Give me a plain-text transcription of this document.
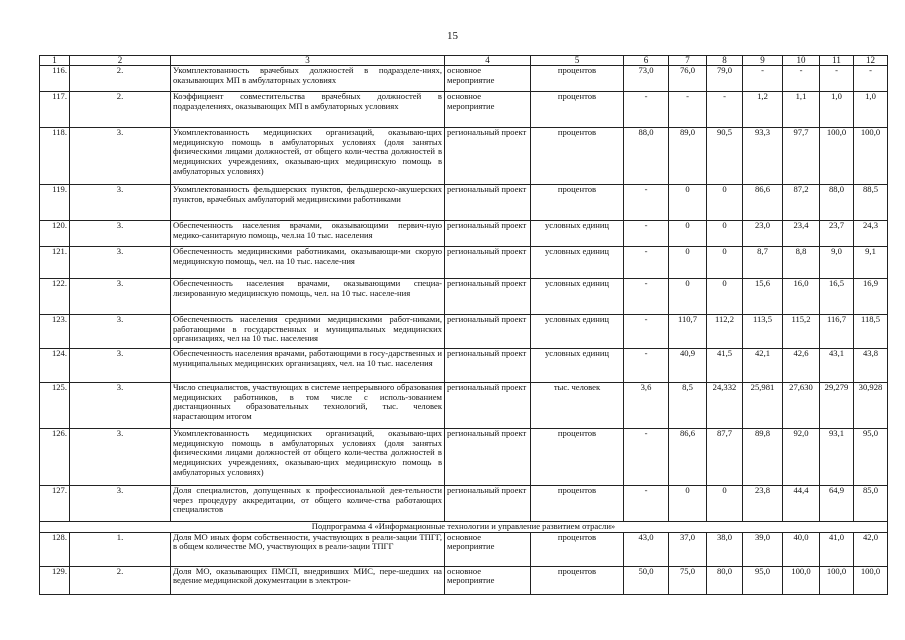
15
1	2	3	4	5	6	7	8	9	10	11	12
116.	2.	Укомплектованность врачебных должностей в подразделе-ниях, оказывающих МП в амбулаторных условиях	основное мероприятие	процентов	73,0	76,0	79,0	-	-	-	-
117.	2.	Коэффициент совместительства врачебных должностей в подразделениях, оказывающих МП в амбулаторных условиях	основное мероприятие	процентов	-	-	-	1,2	1,1	1,0	1,0
118.	3.	Укомплектованность медицинских организаций, оказываю-щих медицинскую помощь в амбулаторных условиях (доля занятых физическими лицами должностей, от общего коли-чества должностей в медицинских учреждениях, оказываю-щих медицинскую помощь в амбулаторных условиях)	региональный проект	процентов	88,0	89,0	90,5	93,3	97,7	100,0	100,0
119.	3.	Укомплектованность фельдшерских пунктов, фельдшерско-акушерских пунктов, врачебных амбулаторий медицинскими работниками	региональный проект	процентов	-	0	0	86,6	87,2	88,0	88,5
120.	3.	Обеспеченность населения врачами, оказывающими первич-ную медико-санитарную помощь, чел.на 10 тыс. населения	региональный проект	условных единиц	-	0	0	23,0	23,4	23,7	24,3
121.	3.	Обеспеченность медицинскими работниками, оказывающи-ми скорую медицинскую помощь, чел. на 10 тыс. населе-ния	региональный проект	условных единиц	-	0	0	8,7	8,8	9,0	9,1
122.	3.	Обеспеченность населения врачами, оказывающими специа-лизированную медицинскую помощь, чел. на 10 тыс. населе-ния	региональный проект	условных единиц	-	0	0	15,6	16,0	16,5	16,9
123.	3.	Обеспеченность населения средними медицинскими работ-никами, работающими в государственных и муниципальных медицинских организациях, чел на 10 тыс. населения	региональный проект	условных единиц	-	110,7	112,2	113,5	115,2	116,7	118,5
124.	3.	Обеспеченность населения врачами, работающими в госу-дарственных и муниципальных медицинских организациях, чел. на 10 тыс. населения	региональный проект	условных единиц	-	40,9	41,5	42,1	42,6	43,1	43,8
125.	3.	Число специалистов, участвующих в системе непрерывного образования медицинских работников, в том числе с исполь-зованием дистанционных образовательных технологий, тыс. человек нарастающим итогом	региональный проект	тыс. человек	3,6	8,5	24,332	25,981	27,630	29,279	30,928
126.	3.	Укомплектованность медицинских организаций, оказываю-щих медицинскую помощь в амбулаторных условиях (доля занятых физическими лицами должностей от общего коли-чества должностей в медицинских учреждениях, оказываю-щих медицинскую помощь в амбулаторных условиях)	региональный проект	процентов	-	86,6	87,7	89,8	92,0	93,1	95,0
127.	3.	Доля специалистов, допущенных к профессиональной дея-тельности через процедуру аккредитации, от общего количе-ства работающих специалистов	региональный проект	процентов	-	0	0	23,8	44,4	64,9	85,0
Подпрограмма 4 «Информационные технологии и управление развитием отрасли»											
128.	1.	Доля МО иных форм собственности, участвующих в реали-зации ТПГГ, в общем количестве МО, участвующих в реали-зации ТПГГ	основное мероприятие	процентов	43,0	37,0	38,0	39,0	40,0	41,0	42,0
129.	2.	Доля МО, оказывающих ПМСП, внедривших МИС, пере-шедших на ведение медицинской документации в электрон-	основное мероприятие	процентов	50,0	75,0	80,0	95,0	100,0	100,0	100,0
